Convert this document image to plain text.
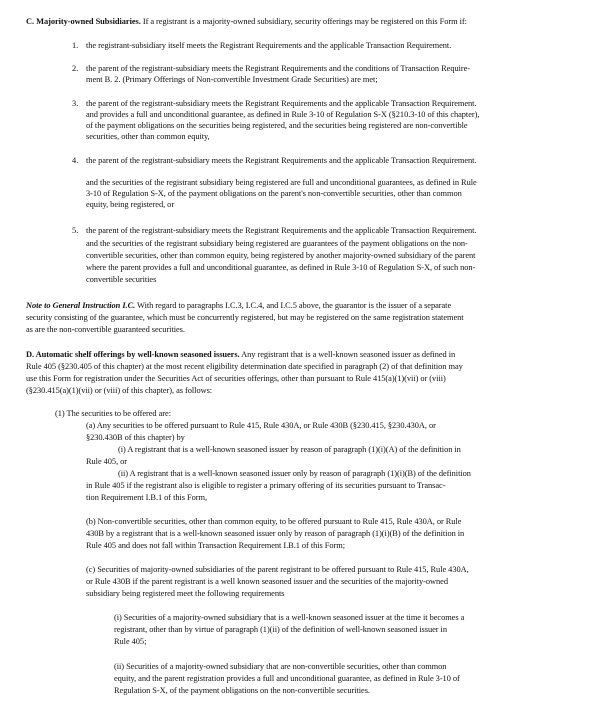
C. Majority-owned Subsidiaries. If a registrant is a majority-owned subsidiary, security offerings may be registered on this Form if:
1. the registrant-subsidiary itself meets the Registrant Requirements and the applicable Transaction Requirement.
2. the parent of the registrant-subsidiary meets the Registrant Requirements and the conditions of Transaction Require-
ment B. 2. (Primary Offerings of Non-convertible Investment Grade Securities) are met;
3. the parent of the registrant-subsidiary meets the Registrant Requirements and the applicable Transaction Requirement.
and provides a full and unconditional guarantee, as defined in Rule 3-10 of Regulation S-X (§210.3-10 of this chapter),
of the payment obligations on the securities being registered, and the securities being registered are non-convertible
securities, other than common equity,
4. the parent of the registrant-subsidiary meets the Registrant Requirements and the applicable Transaction Requirement.
and the securities of the registrant subsidiary being registered are full and unconditional guarantees, as defined in Rule
3-10 of Regulation S-X, of the payment obligations on the parent's non-convertible securities, other than common
equity, being registered, or
5. the parent of the registrant-subsidiary meets the Registrant Requirements and the applicable Transaction Requirement.
and the securities of the registrant subsidiary being registered are guarantees of the payment obligations on the non-
convertible securities, other than common equity, being registered by another majority-owned subsidiary of the parent
where the parent provides a full and unconditional guarantee, as defined in Rule 3-10 of Regulation S-X, of such non-
convertible securities
Note to General Instruction I.C. With regard to paragraphs I.C.3, I.C.4, and I.C.5 above, the guarantor is the issuer of a separate
security consisting of the guarantee, which must be concurrently registered, but may be registered on the same registration statement
as are the non-convertible guaranteed securities.
D. Automatic shelf offerings by well-known seasoned issuers. Any registrant that is a well-known seasoned issuer as defined in
Rule 405 (§230.405 of this chapter) at the most recent eligibility determination date specified in paragraph (2) of that definition may
use this Form for registration under the Securities Act of securities offerings, other than pursuant to Rule 415(a)(1)(vii) or (viii)
(§230.415(a)(1)(vii) or (viii) of this chapter), as follows:
(1) The securities to be offered are:
(a) Any securities to be offered pursuant to Rule 415, Rule 430A, or Rule 430B (§230.415, §230.430A, or
§230.430B of this chapter) by
(i) A registrant that is a well-known seasoned issuer by reason of paragraph (1)(i)(A) of the definition in
Rule 405, or
(ii) A registrant that is a well-known seasoned issuer only by reason of paragraph (1)(i)(B) of the definition
in Rule 405 if the registrant also is eligible to register a primary offering of its securities pursuant to Transac-
tion Requirement I.B.1 of this Form,
(b) Non-convertible securities, other than common equity, to be offered pursuant to Rule 415, Rule 430A, or Rule
430B by a registrant that is a well-known seasoned issuer only by reason of paragraph (1)(i)(B) of the definition in
Rule 405 and does not fall within Transaction Requirement I.B.1 of this Form;
(c) Securities of majority-owned subsidiaries of the parent registrant to be offered pursuant to Rule 415, Rule 430A,
or Rule 430B if the parent registrant is a well known seasoned issuer and the securities of the majority-owned
subsidiary being registered meet the following requirements
(i) Securities of a majority-owned subsidiary that is a well-known seasoned issuer at the time it becomes a
registrant, other than by virtue of paragraph (1)(ii) of the definition of well-known seasoned issuer in
Rule 405;
(ii) Securities of a majority-owned subsidiary that are non-convertible securities, other than common
equity, and the parent registration provides a full and unconditional guarantee, as defined in Rule 3-10 of
Regulation S-X, of the payment obligations on the non-convertible securities.
